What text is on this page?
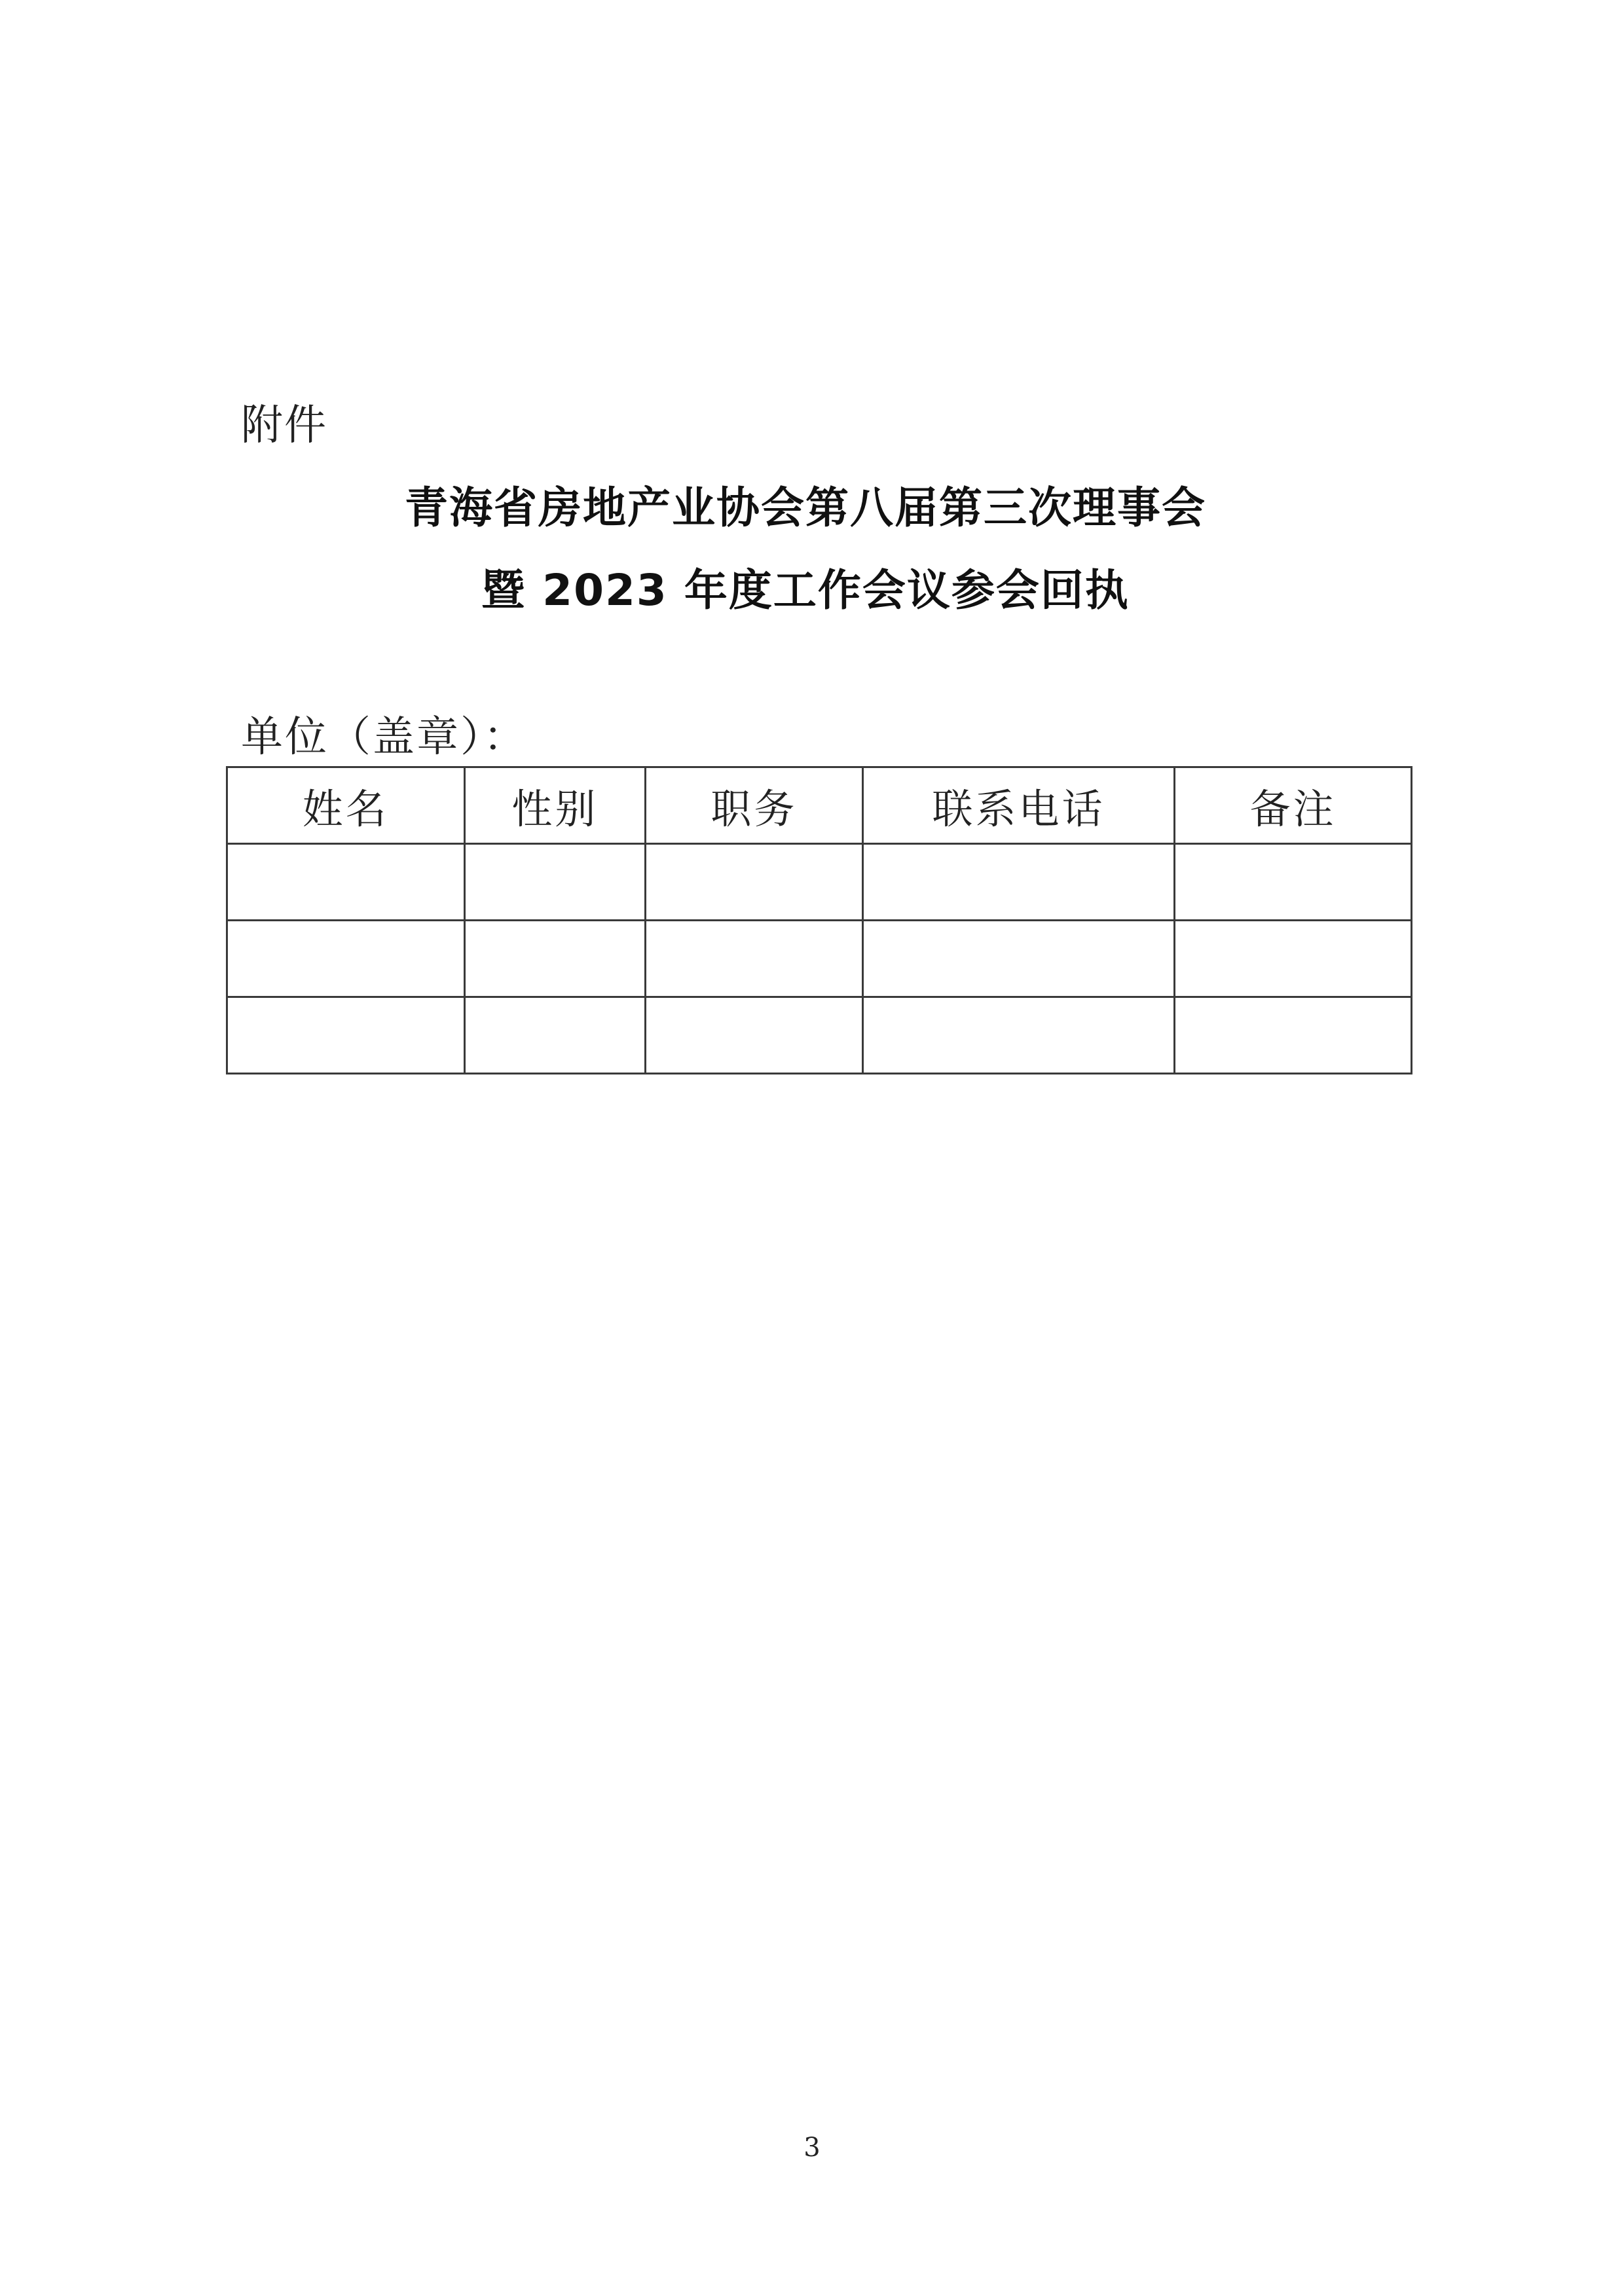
附件
青海省房地产业协会第八届第三次理事会
暨 2023 年度工作会议参会回执
单位（盖章）：
姓名	性别	职务	联系电话	备注

3
